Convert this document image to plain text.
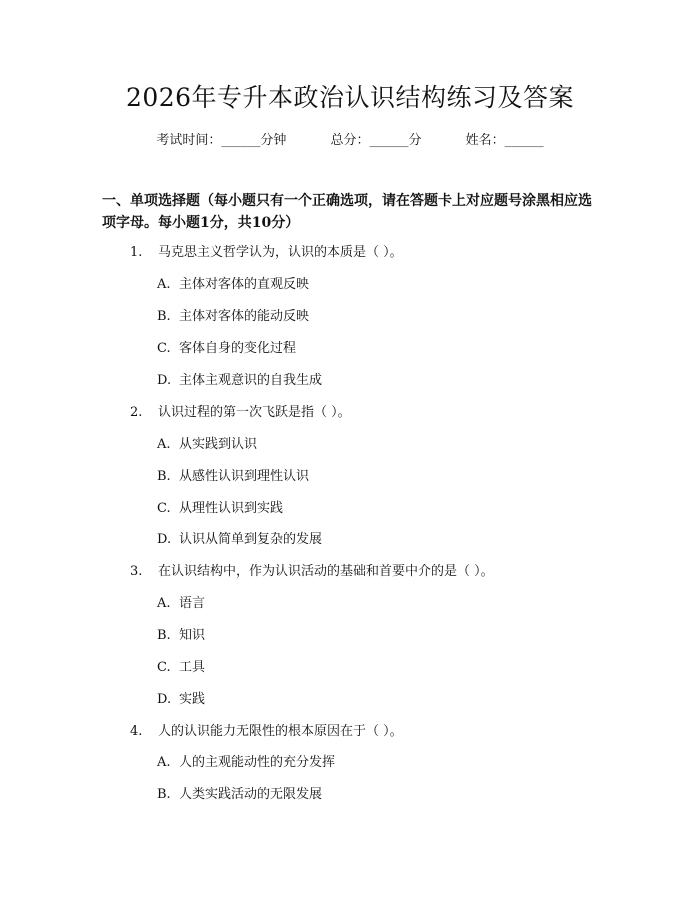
2026年专升本政治认识结构练习及答案
考试时间：______分钟	总分：______分	姓名：______
一、单项选择题（每小题只有一个正确选项，请在答题卡上对应题号涂黑相应选项字母。每小题1分，共10分）
1. 马克思主义哲学认为，认识的本质是（ ）。
A. 主体对客体的直观反映
B. 主体对客体的能动反映
C. 客体自身的变化过程
D. 主体主观意识的自我生成
2. 认识过程的第一次飞跃是指（ ）。
A. 从实践到认识
B. 从感性认识到理性认识
C. 从理性认识到实践
D. 认识从简单到复杂的发展
3. 在认识结构中，作为认识活动的基础和首要中介的是（ ）。
A. 语言
B. 知识
C. 工具
D. 实践
4. 人的认识能力无限性的根本原因在于（ ）。
A. 人的主观能动性的充分发挥
B. 人类实践活动的无限发展
